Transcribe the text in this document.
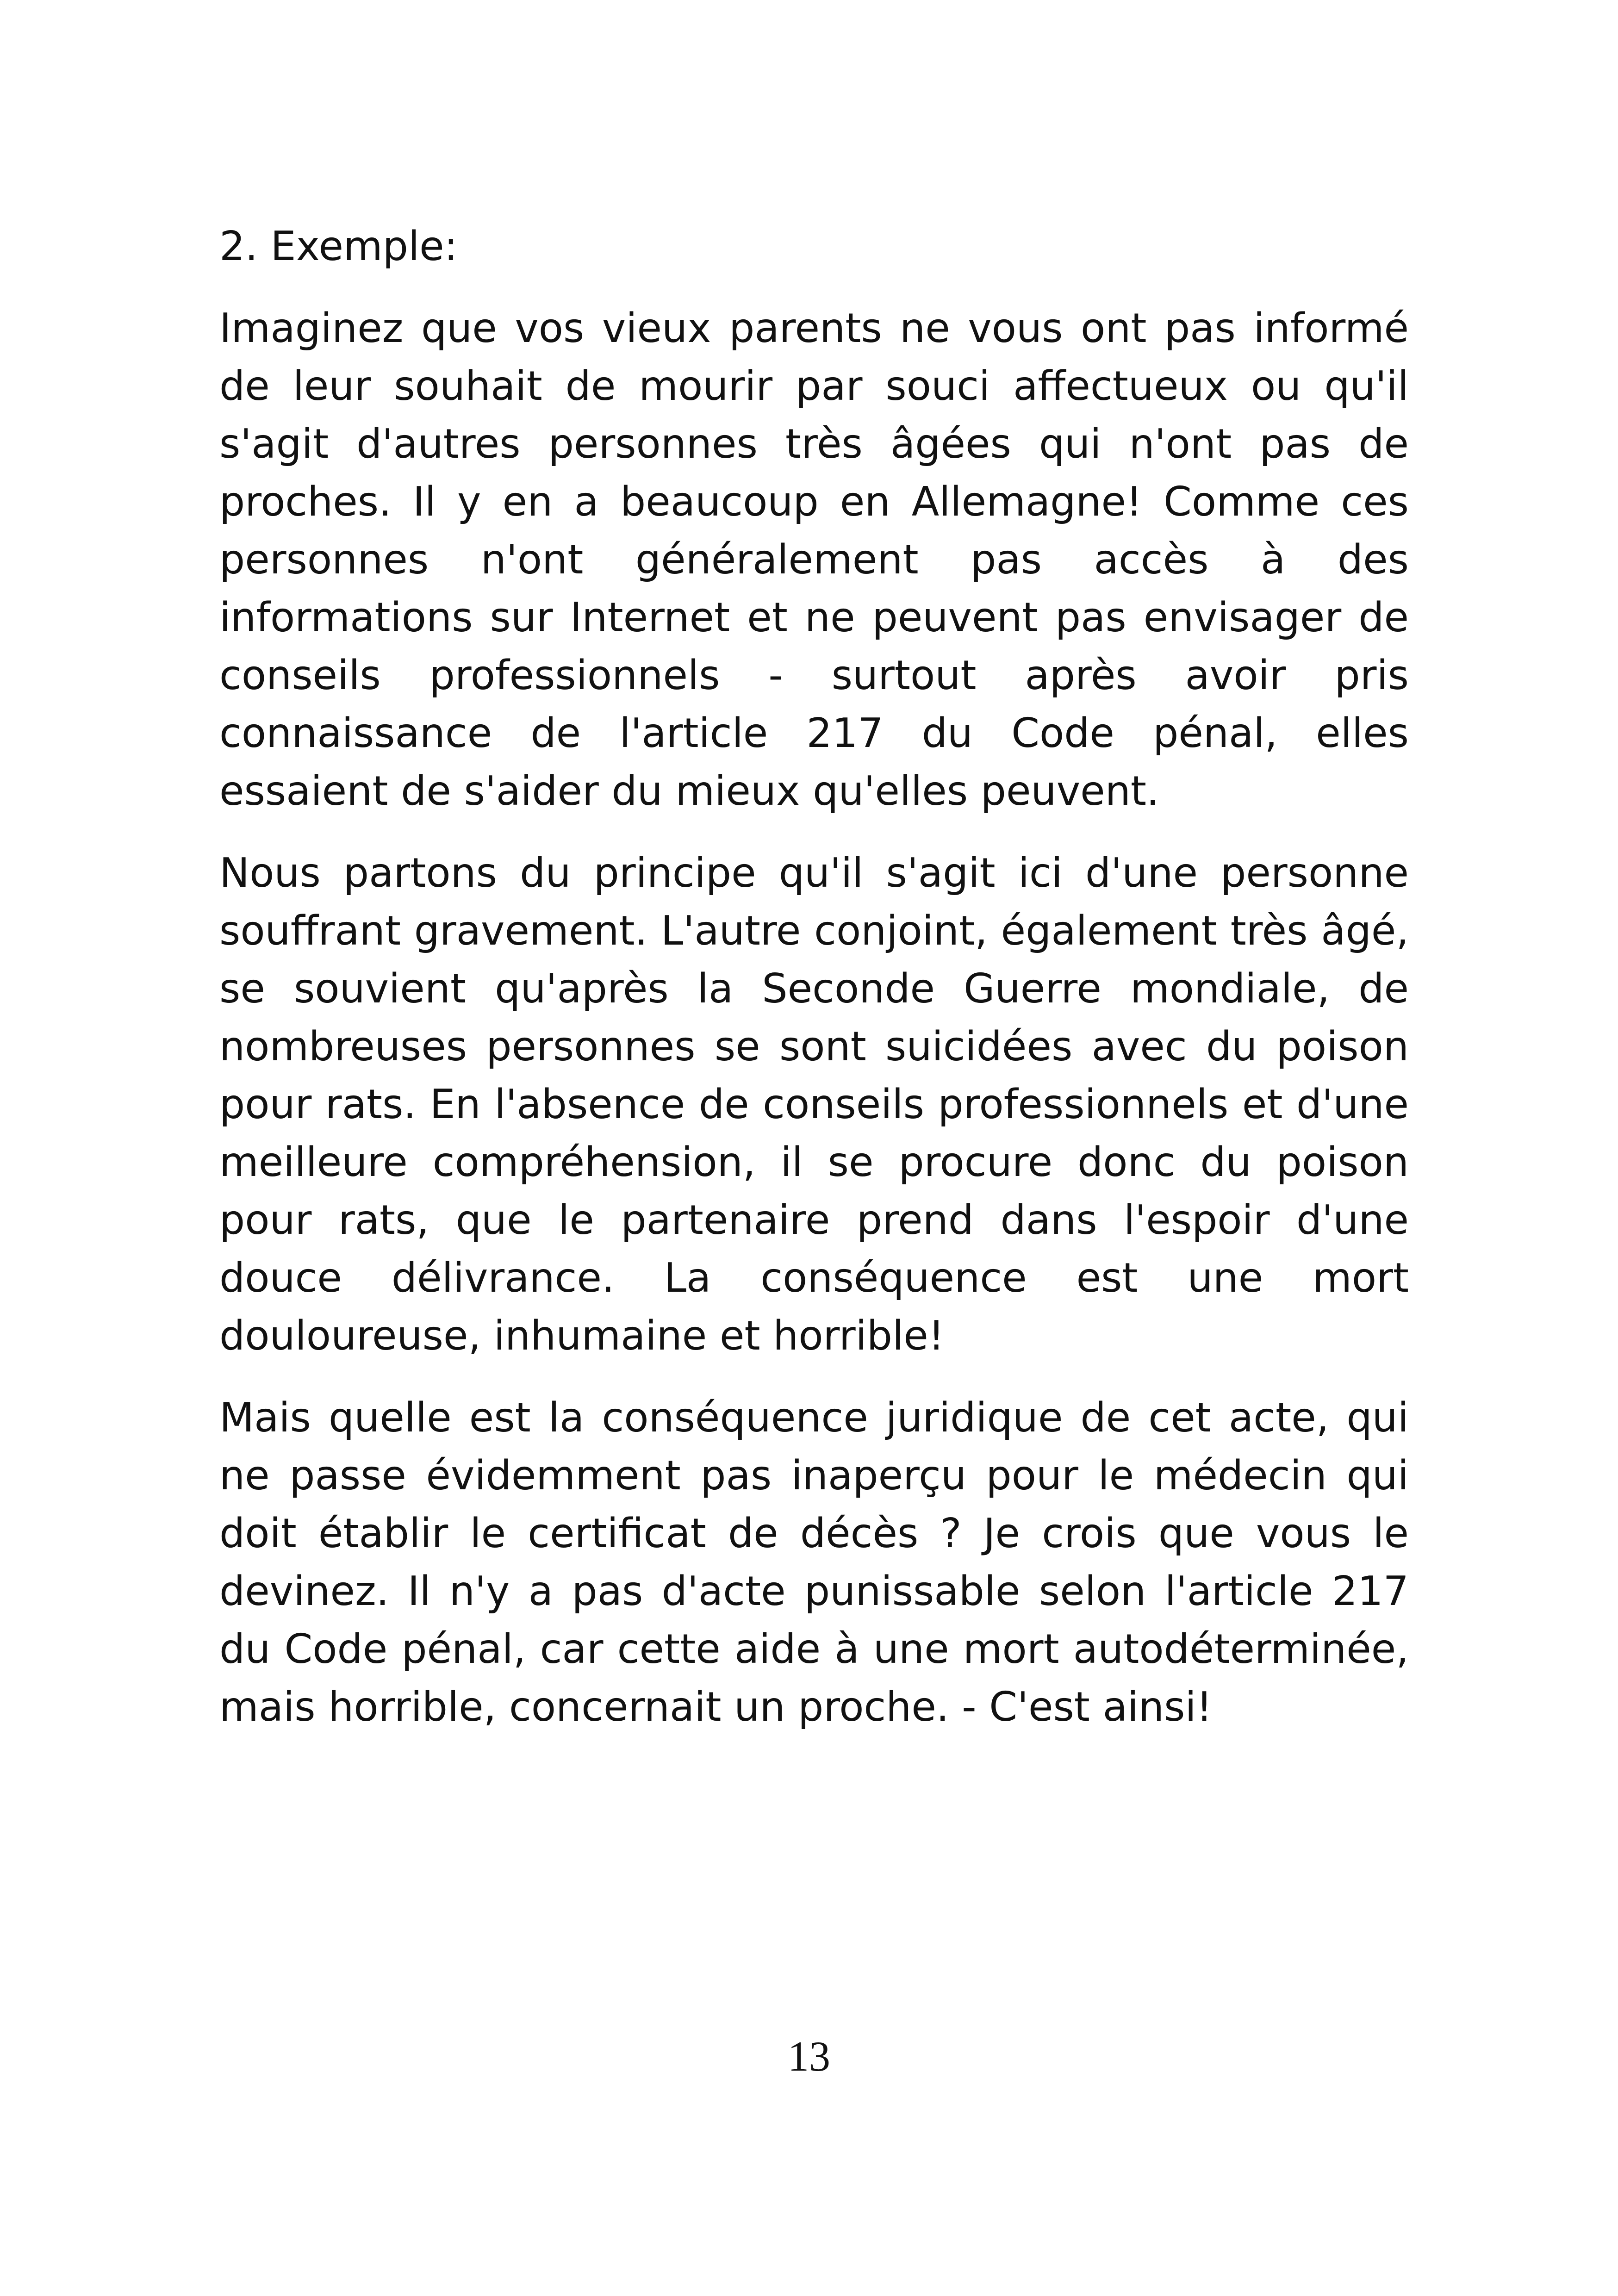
2. Exemple:

Imaginez que vos vieux parents ne vous ont pas informé de leur souhait de mourir par souci affectueux ou qu'il s'agit d'autres personnes très âgées qui n'ont pas de proches. Il y en a beaucoup en Allemagne! Comme ces personnes n'ont généralement pas accès à des informations sur Internet et ne peuvent pas envisager de conseils professionnels - surtout après avoir pris connaissance de l'article 217 du Code pénal, elles essaient de s'aider du mieux qu'elles peuvent.

Nous partons du principe qu'il s'agit ici d'une personne souffrant gravement. L'autre conjoint, également très âgé, se souvient qu'après la Seconde Guerre mondiale, de nombreuses personnes se sont suicidées avec du poison pour rats. En l'absence de conseils professionnels et d'une meilleure compréhension, il se procure donc du poison pour rats, que le partenaire prend dans l'espoir d'une douce délivrance. La conséquence est une mort douloureuse, inhumaine et horrible!

Mais quelle est la conséquence juridique de cet acte, qui ne passe évidemment pas inaperçu pour le médecin qui doit établir le certificat de décès ? Je crois que vous le devinez. Il n'y a pas d'acte punissable selon l'article 217 du Code pénal, car cette aide à une mort autodéterminée, mais horrible, concernait un proche. - C'est ainsi!

13
